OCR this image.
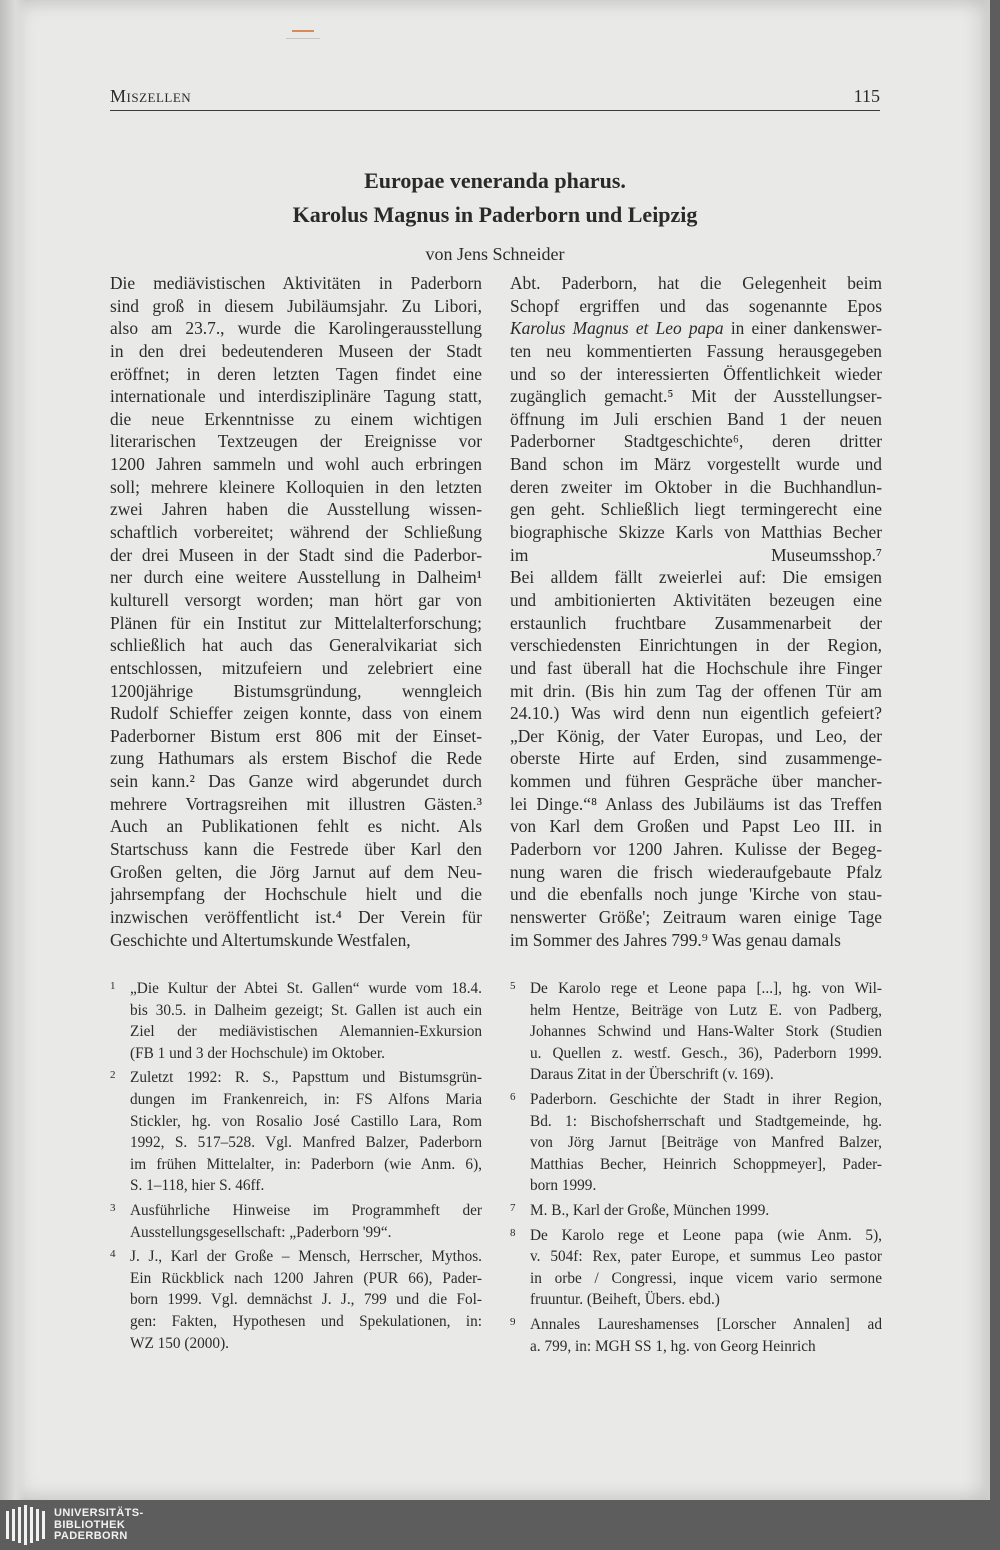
Miszellen	115
Europae veneranda pharus.
Karolus Magnus in Paderborn und Leipzig
von Jens Schneider
Die mediävistischen Aktivitäten in Paderborn
sind groß in diesem Jubiläumsjahr. Zu Libori,
also am 23.7., wurde die Karolingerausstellung
in den drei bedeutenderen Museen der Stadt
eröffnet; in deren letzten Tagen findet eine
internationale und interdisziplinäre Tagung statt,
die neue Erkenntnisse zu einem wichtigen
literarischen Textzeugen der Ereignisse vor
1200 Jahren sammeln und wohl auch erbringen
soll; mehrere kleinere Kolloquien in den letzten
zwei Jahren haben die Ausstellung wissen-
schaftlich vorbereitet; während der Schließung
der drei Museen in der Stadt sind die Paderbor-
ner durch eine weitere Ausstellung in Dalheim¹
kulturell versorgt worden; man hört gar von
Plänen für ein Institut zur Mittelalterforschung;
schließlich hat auch das Generalvikariat sich
entschlossen, mitzufeiern und zelebriert eine
1200jährige Bistumsgründung, wenngleich
Rudolf Schieffer zeigen konnte, dass von einem
Paderborner Bistum erst 806 mit der Einset-
zung Hathumars als erstem Bischof die Rede
sein kann.² Das Ganze wird abgerundet durch
mehrere Vortragsreihen mit illustren Gästen.³
Auch an Publikationen fehlt es nicht. Als
Startschuss kann die Festrede über Karl den
Großen gelten, die Jörg Jarnut auf dem Neu-
jahrsempfang der Hochschule hielt und die
inzwischen veröffentlicht ist.⁴ Der Verein für
Geschichte und Altertumskunde Westfalen,
Abt. Paderborn, hat die Gelegenheit beim
Schopf ergriffen und das sogenannte Epos
Karolus Magnus et Leo papa in einer dankenswer-
ten neu kommentierten Fassung herausgegeben
und so der interessierten Öffentlichkeit wieder
zugänglich gemacht.⁵ Mit der Ausstellungser-
öffnung im Juli erschien Band 1 der neuen
Paderborner Stadtgeschichte⁶, deren dritter
Band schon im März vorgestellt wurde und
deren zweiter im Oktober in die Buchhandlun-
gen geht. Schließlich liegt termingerecht eine
biographische Skizze Karls von Matthias Becher
im Museumsshop.⁷
Bei alldem fällt zweierlei auf: Die emsigen
und ambitionierten Aktivitäten bezeugen eine
erstaunlich fruchtbare Zusammenarbeit der
verschiedensten Einrichtungen in der Region,
und fast überall hat die Hochschule ihre Finger
mit drin. (Bis hin zum Tag der offenen Tür am
24.10.) Was wird denn nun eigentlich gefeiert?
„Der König, der Vater Europas, und Leo, der
oberste Hirte auf Erden, sind zusammenge-
kommen und führen Gespräche über mancher-
lei Dinge.“⁸ Anlass des Jubiläums ist das Treffen
von Karl dem Großen und Papst Leo III. in
Paderborn vor 1200 Jahren. Kulisse der Begeg-
nung waren die frisch wiederaufgebaute Pfalz
und die ebenfalls noch junge 'Kirche von stau-
nenswerter Größe'; Zeitraum waren einige Tage
im Sommer des Jahres 799.⁹ Was genau damals
1 „Die Kultur der Abtei St. Gallen“ wurde vom 18.4.
bis 30.5. in Dalheim gezeigt; St. Gallen ist auch ein
Ziel der mediävistischen Alemannien-Exkursion
(FB 1 und 3 der Hochschule) im Oktober.
2 Zuletzt 1992: R. S., Papsttum und Bistumsgrün-
dungen im Frankenreich, in: FS Alfons Maria
Stickler, hg. von Rosalio José Castillo Lara, Rom
1992, S. 517–528. Vgl. Manfred Balzer, Paderborn
im frühen Mittelalter, in: Paderborn (wie Anm. 6),
S. 1–118, hier S. 46ff.
3 Ausführliche Hinweise im Programmheft der
Ausstellungsgesellschaft: „Paderborn '99“.
4 J. J., Karl der Große – Mensch, Herrscher, Mythos.
Ein Rückblick nach 1200 Jahren (PUR 66), Pader-
born 1999. Vgl. demnächst J. J., 799 und die Fol-
gen: Fakten, Hypothesen und Spekulationen, in:
WZ 150 (2000).
5 De Karolo rege et Leone papa [...], hg. von Wil-
helm Hentze, Beiträge von Lutz E. von Padberg,
Johannes Schwind und Hans-Walter Stork (Studien
u. Quellen z. westf. Gesch., 36), Paderborn 1999.
Daraus Zitat in der Überschrift (v. 169).
6 Paderborn. Geschichte der Stadt in ihrer Region,
Bd. 1: Bischofsherrschaft und Stadtgemeinde, hg.
von Jörg Jarnut [Beiträge von Manfred Balzer,
Matthias Becher, Heinrich Schoppmeyer], Pader-
born 1999.
7 M. B., Karl der Große, München 1999.
8 De Karolo rege et Leone papa (wie Anm. 5),
v. 504f: Rex, pater Europe, et summus Leo pastor
in orbe / Congressi, inque vicem vario sermone
fruuntur. (Beiheft, Übers. ebd.)
9 Annales Laureshamenses [Lorscher Annalen] ad
a. 799, in: MGH SS 1, hg. von Georg Heinrich
UNIVERSITÄTS-
BIBLIOTHEK
PADERBORN
